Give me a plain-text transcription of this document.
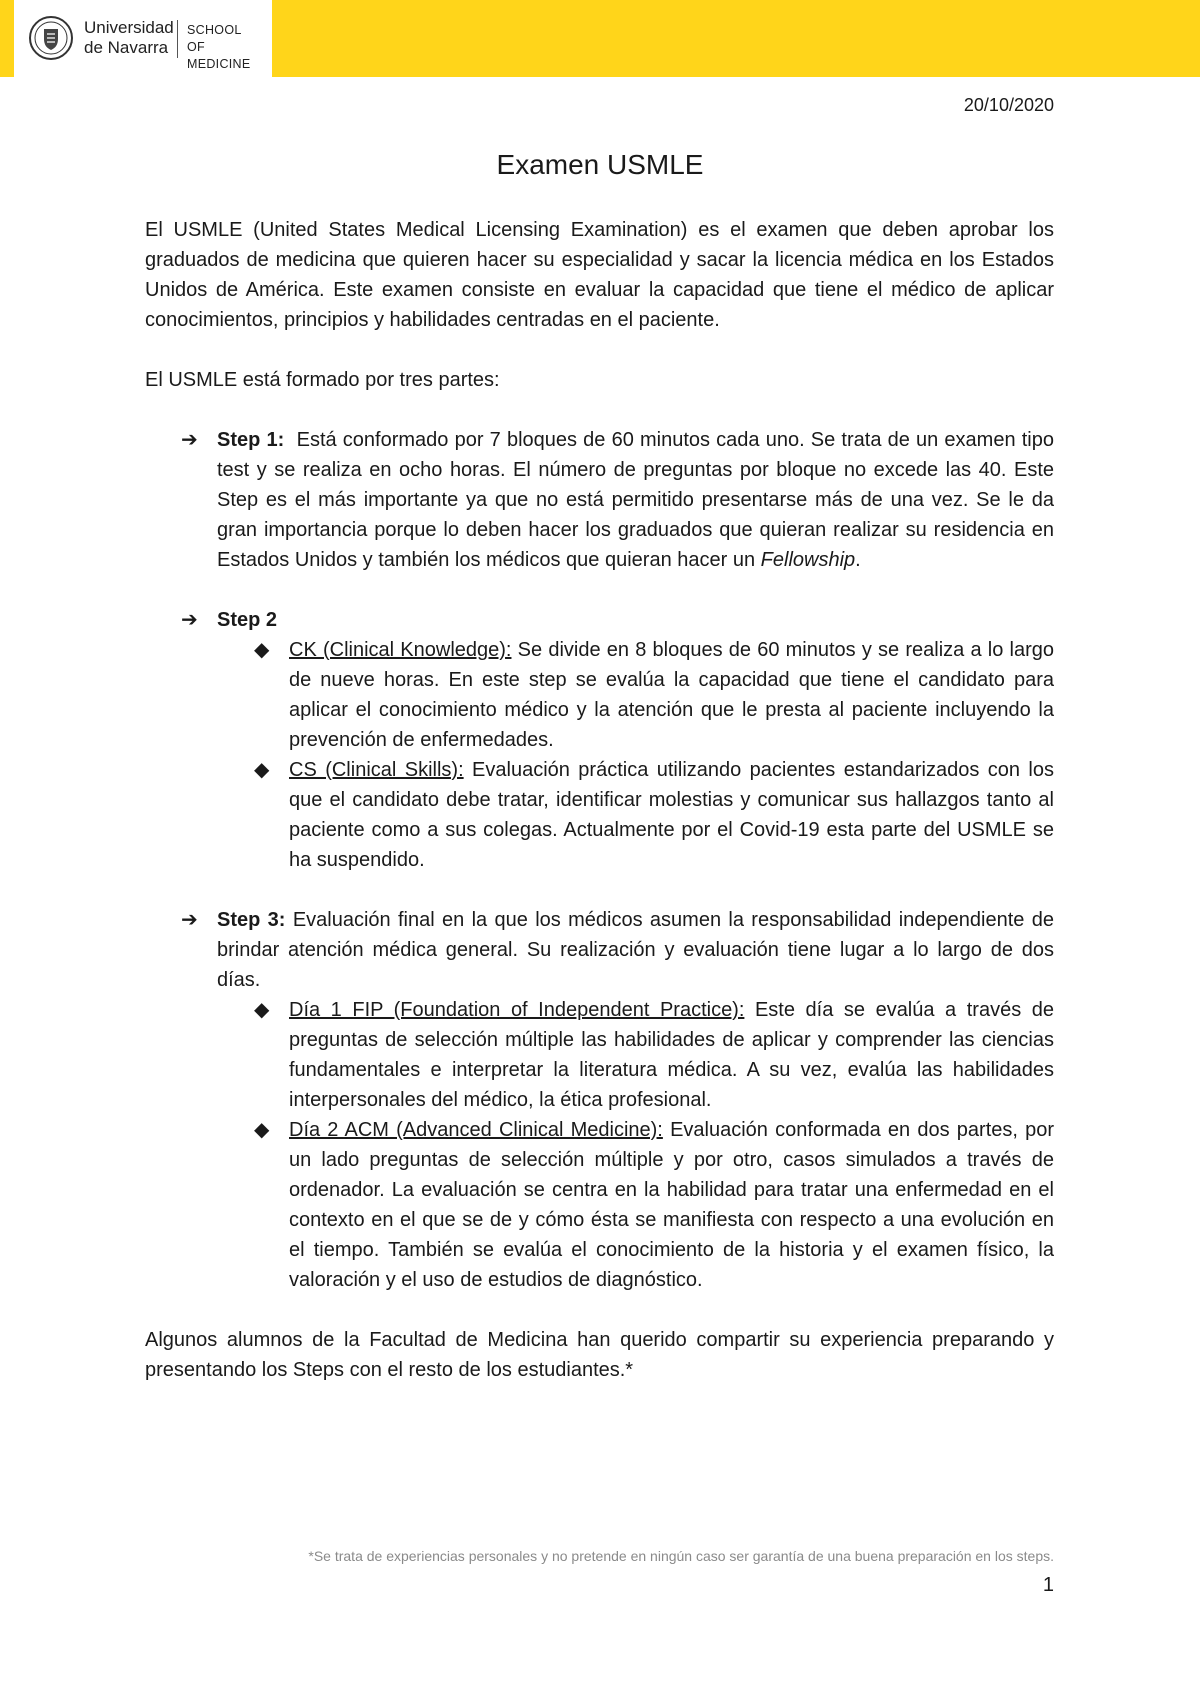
Universidad
de Navarra
SCHOOL
OF MEDICINE
20/10/2020
Examen USMLE

El USMLE (United States Medical Licensing Examination) es el examen que deben aprobar los graduados de medicina que quieren hacer su especialidad y sacar la licencia médica en los Estados Unidos de América. Este examen consiste en evaluar la capacidad que tiene el médico de aplicar conocimientos, principios y habilidades centradas en el paciente.

El USMLE está formado por tres partes:

➔ Step 1: Está conformado por 7 bloques de 60 minutos cada uno. Se trata de un examen tipo test y se realiza en ocho horas. El número de preguntas por bloque no excede las 40. Este Step es el más importante ya que no está permitido presentarse más de una vez. Se le da gran importancia porque lo deben hacer los graduados que quieran realizar su residencia en Estados Unidos y también los médicos que quieran hacer un Fellowship.

➔ Step 2

◆ CK (Clinical Knowledge): Se divide en 8 bloques de 60 minutos y se realiza a lo largo de nueve horas. En este step se evalúa la capacidad que tiene el candidato para aplicar el conocimiento médico y la atención que le presta al paciente incluyendo la prevención de enfermedades.

◆ CS (Clinical Skills): Evaluación práctica utilizando pacientes estandarizados con los que el candidato debe tratar, identificar molestias y comunicar sus hallazgos tanto al paciente como a sus colegas. Actualmente por el Covid-19 esta parte del USMLE se ha suspendido.

➔ Step 3: Evaluación final en la que los médicos asumen la responsabilidad independiente de brindar atención médica general. Su realización y evaluación tiene lugar a lo largo de dos días.

◆ Día 1 FIP (Foundation of Independent Practice): Este día se evalúa a través de preguntas de selección múltiple las habilidades de aplicar y comprender las ciencias fundamentales e interpretar la literatura médica. A su vez, evalúa las habilidades interpersonales del médico, la ética profesional.

◆ Día 2 ACM (Advanced Clinical Medicine): Evaluación conformada en dos partes, por un lado preguntas de selección múltiple y por otro, casos simulados a través de ordenador. La evaluación se centra en la habilidad para tratar una enfermedad en el contexto en el que se de y cómo ésta se manifiesta con respecto a una evolución en el tiempo. También se evalúa el conocimiento de la historia y el examen físico, la valoración y el uso de estudios de diagnóstico.

Algunos alumnos de la Facultad de Medicina han querido compartir su experiencia preparando y presentando los Steps con el resto de los estudiantes.*

*Se trata de experiencias personales y no pretende en ningún caso ser garantía de una buena preparación en los steps.
1
